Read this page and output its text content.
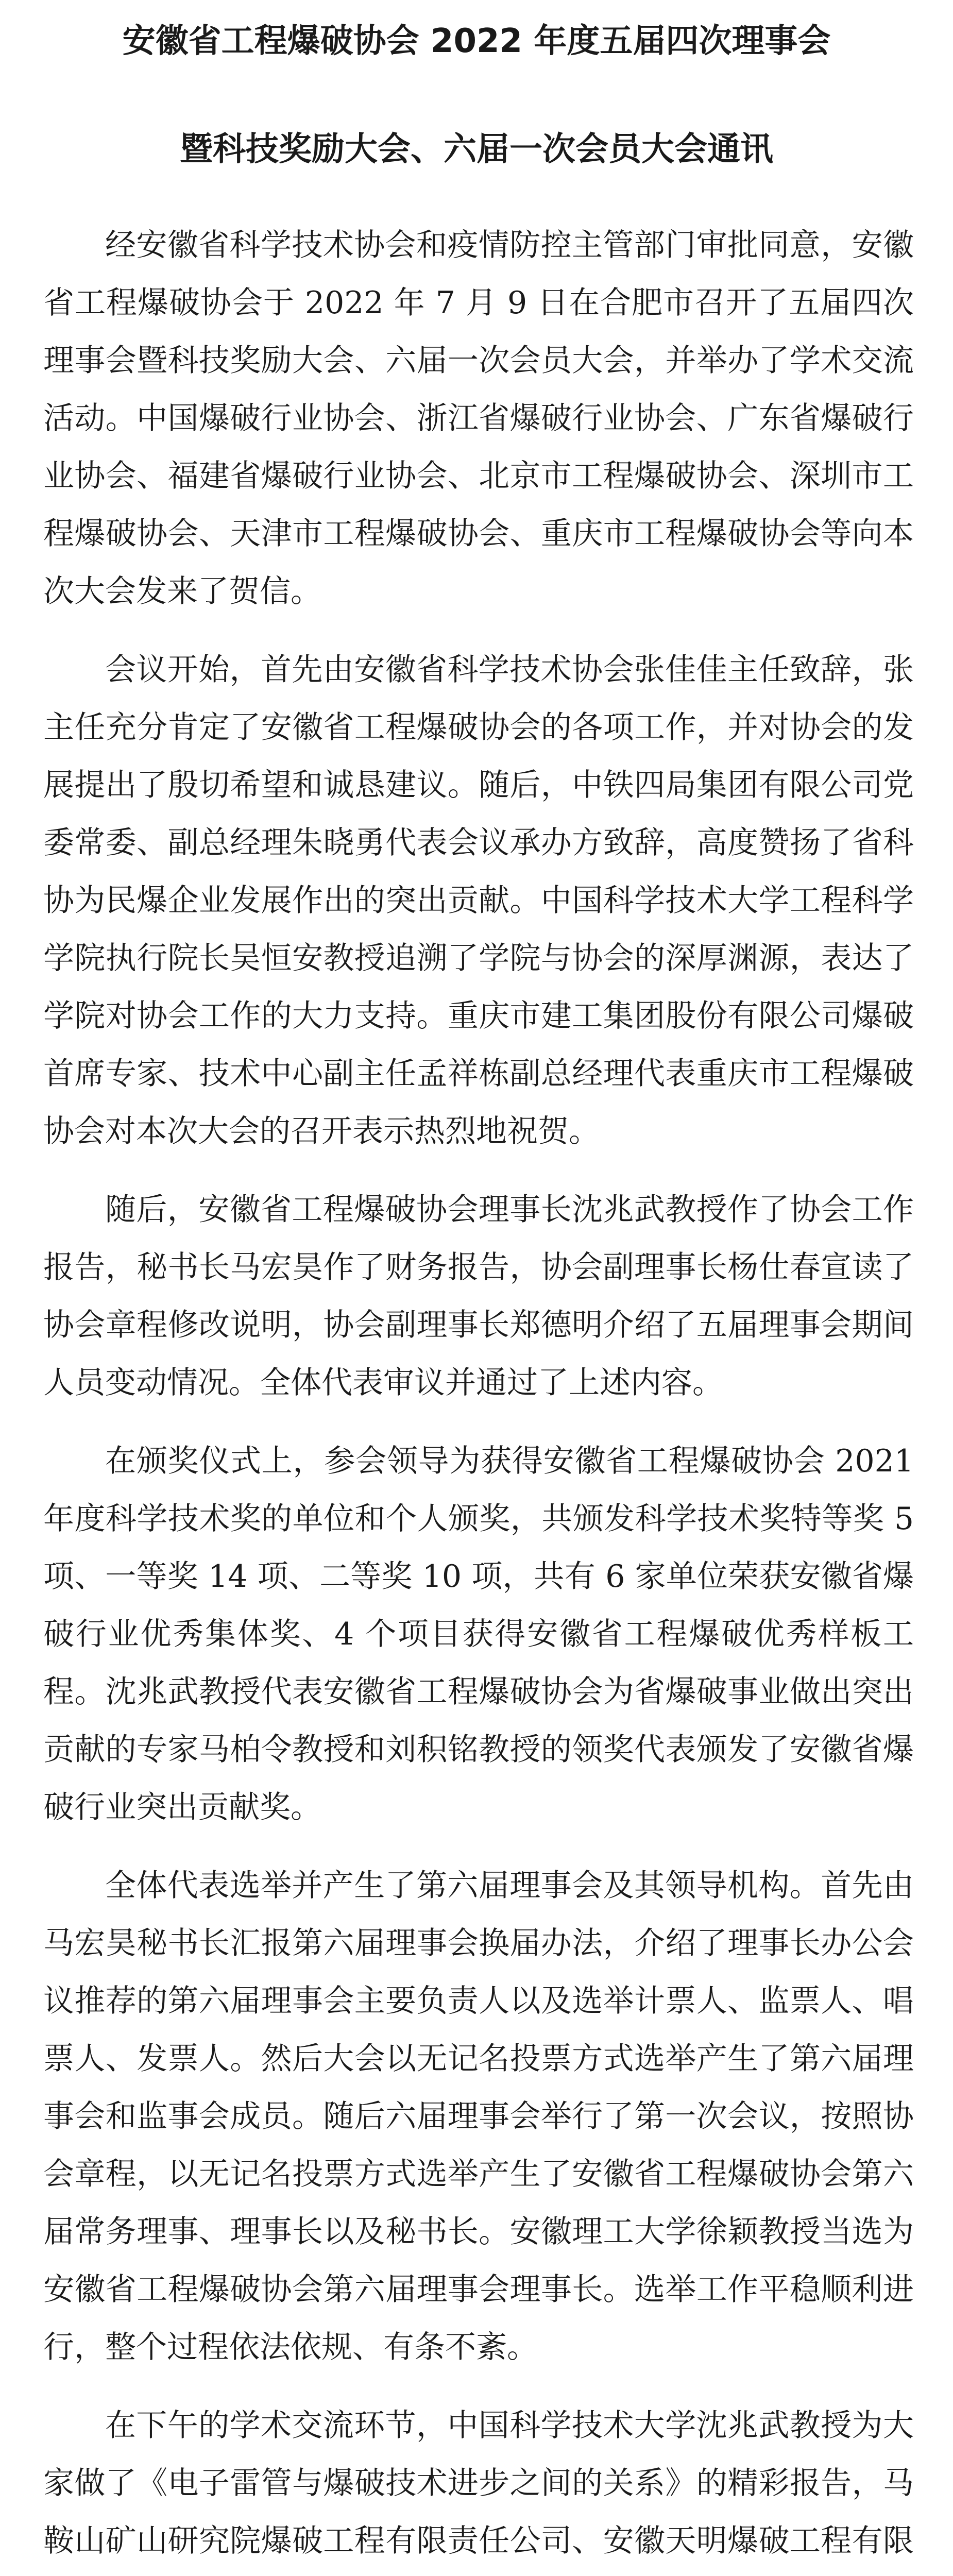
安徽省工程爆破协会 2022 年度五届四次理事会
暨科技奖励大会、六届一次会员大会通讯

经安徽省科学技术协会和疫情防控主管部门审批同意，安徽省工程爆破协会于 2022 年 7 月 9 日在合肥市召开了五届四次理事会暨科技奖励大会、六届一次会员大会，并举办了学术交流活动。中国爆破行业协会、浙江省爆破行业协会、广东省爆破行业协会、福建省爆破行业协会、北京市工程爆破协会、深圳市工程爆破协会、天津市工程爆破协会、重庆市工程爆破协会等向本次大会发来了贺信。

会议开始，首先由安徽省科学技术协会张佳佳主任致辞，张主任充分肯定了安徽省工程爆破协会的各项工作，并对协会的发展提出了殷切希望和诚恳建议。随后，中铁四局集团有限公司党委常委、副总经理朱晓勇代表会议承办方致辞，高度赞扬了省科协为民爆企业发展作出的突出贡献。中国科学技术大学工程科学学院执行院长吴恒安教授追溯了学院与协会的深厚渊源，表达了学院对协会工作的大力支持。重庆市建工集团股份有限公司爆破首席专家、技术中心副主任孟祥栋副总经理代表重庆市工程爆破协会对本次大会的召开表示热烈地祝贺。

随后，安徽省工程爆破协会理事长沈兆武教授作了协会工作报告，秘书长马宏昊作了财务报告，协会副理事长杨仕春宣读了协会章程修改说明，协会副理事长郑德明介绍了五届理事会期间人员变动情况。全体代表审议并通过了上述内容。

在颁奖仪式上，参会领导为获得安徽省工程爆破协会 2021 年度科学技术奖的单位和个人颁奖，共颁发科学技术奖特等奖 5 项、一等奖 14 项、二等奖 10 项，共有 6 家单位荣获安徽省爆破行业优秀集体奖、4 个项目获得安徽省工程爆破优秀样板工程。沈兆武教授代表安徽省工程爆破协会为省爆破事业做出突出贡献的专家马柏令教授和刘积铭教授的领奖代表颁发了安徽省爆破行业突出贡献奖。

全体代表选举并产生了第六届理事会及其领导机构。首先由马宏昊秘书长汇报第六届理事会换届办法，介绍了理事长办公会议推荐的第六届理事会主要负责人以及选举计票人、监票人、唱票人、发票人。然后大会以无记名投票方式选举产生了第六届理事会和监事会成员。随后六届理事会举行了第一次会议，按照协会章程，以无记名投票方式选举产生了安徽省工程爆破协会第六届常务理事、理事长以及秘书长。安徽理工大学徐颖教授当选为安徽省工程爆破协会第六届理事会理事长。选举工作平稳顺利进行，整个过程依法依规、有条不紊。

在下午的学术交流环节，中国科学技术大学沈兆武教授为大家做了《电子雷管与爆破技术进步之间的关系》的精彩报告，马鞍山矿山研究院爆破工程有限责任公司、安徽天明爆破工程有限
